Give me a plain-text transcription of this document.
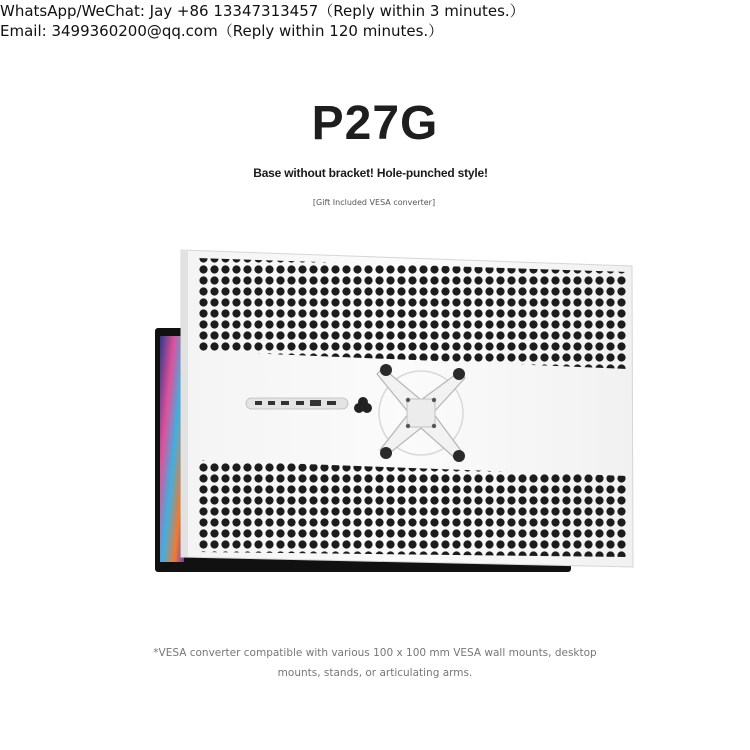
WhatsApp/WeChat: Jay +86 13347313457（Reply within 3 minutes.）
Email: 3499360200@qq.com（Reply within 120 minutes.）
P27G
Base without bracket! Hole-punched style!
[Gift Included VESA converter]
*VESA converter compatible with various 100 x 100 mm VESA wall mounts, desktop
mounts, stands, or articulating arms.
